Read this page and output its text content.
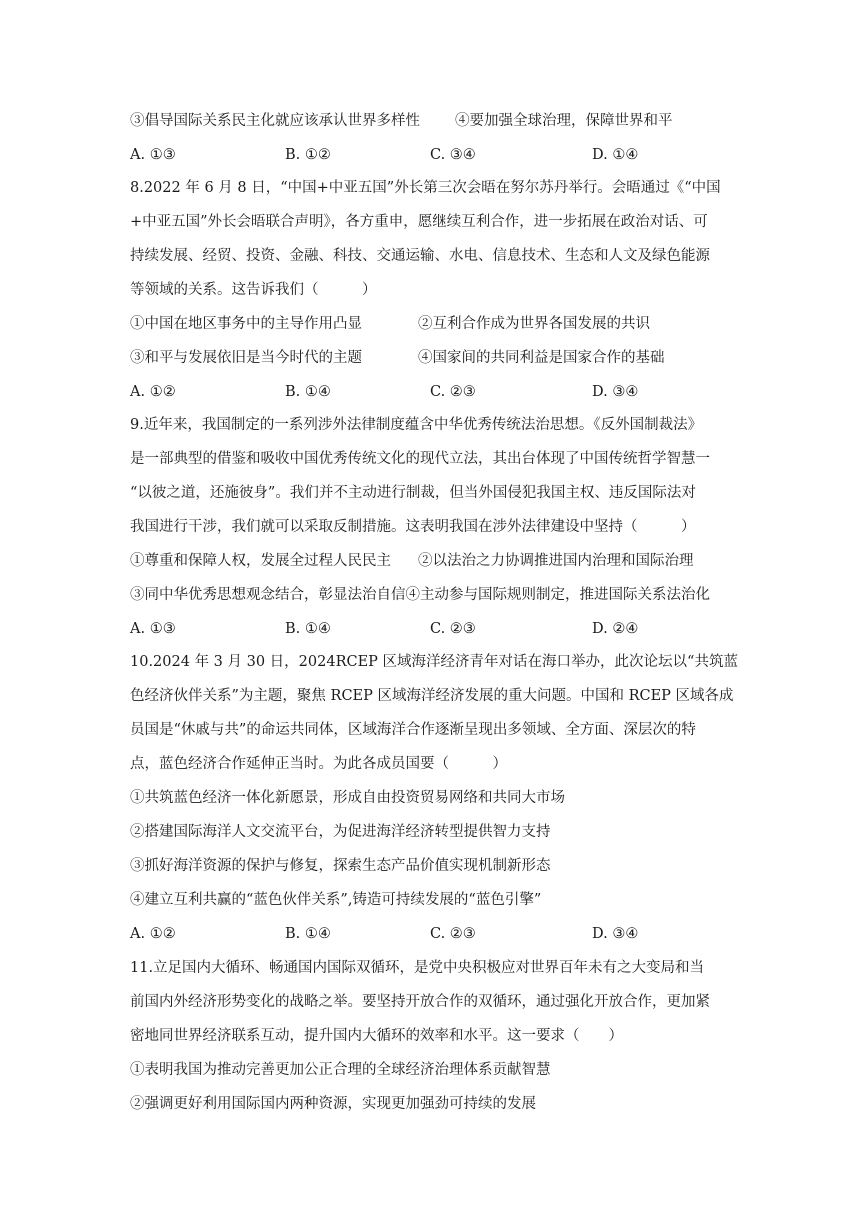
③倡导国际关系民主化就应该承认世界多样性 ④要加强全球治理，保障世界和平
A. ①③	B. ①②	C. ③④	D. ①④
8.2022 年 6 月 8 日，“中国+中亚五国”外长第三次会晤在努尔苏丹举行。会晤通过《“中国
+中亚五国”外长会晤联合声明》，各方重申，愿继续互利合作，进一步拓展在政治对话、可
持续发展、经贸、投资、金融、科技、交通运输、水电、信息技术、生态和人文及绿色能源
等领域的关系。这告诉我们（　　　）
①中国在地区事务中的主导作用凸显	②互利合作成为世界各国发展的共识
③和平与发展依旧是当今时代的主题	④国家间的共同利益是国家合作的基础
A. ①②	B. ①④	C. ②③	D. ③④
9.近年来，我国制定的一系列涉外法律制度蕴含中华优秀传统法治思想。《反外国制裁法》
是一部典型的借鉴和吸收中国优秀传统文化的现代立法，其出台体现了中国传统哲学智慧一
“以彼之道，还施彼身”。我们并不主动进行制裁，但当外国侵犯我国主权、违反国际法对
我国进行干涉，我们就可以采取反制措施。这表明我国在涉外法律建设中坚持（　　　）
①尊重和保障人权，发展全过程人民民主 ②以法治之力协调推进国内治理和国际治理
③同中华优秀思想观念结合，彰显法治自信④主动参与国际规则制定，推进国际关系法治化
A. ①③	B. ①④	C. ②③	D. ②④
10.2024 年 3 月 30 日，2024RCEP 区域海洋经济青年对话在海口举办，此次论坛以“共筑蓝
色经济伙伴关系”为主题，聚焦 RCEP 区域海洋经济发展的重大问题。中国和 RCEP 区域各成
员国是“休戚与共”的命运共同体，区域海洋合作逐渐呈现出多领域、全方面、深层次的特
点，蓝色经济合作延伸正当时。为此各成员国要（　　　）
①共筑蓝色经济一体化新愿景，形成自由投资贸易网络和共同大市场
②搭建国际海洋人文交流平台，为促进海洋经济转型提供智力支持
③抓好海洋资源的保护与修复，探索生态产品价值实现机制新形态
④建立互利共赢的“蓝色伙伴关系”,铸造可持续发展的“蓝色引擎”
A. ①②	B. ①④	C. ②③	D. ③④
11.立足国内大循环、畅通国内国际双循环，是党中央积极应对世界百年未有之大变局和当
前国内外经济形势变化的战略之举。要坚持开放合作的双循环，通过强化开放合作，更加紧
密地同世界经济联系互动，提升国内大循环的效率和水平。这一要求（　　）
①表明我国为推动完善更加公正合理的全球经济治理体系贡献智慧
②强调更好利用国际国内两种资源，实现更加强劲可持续的发展
